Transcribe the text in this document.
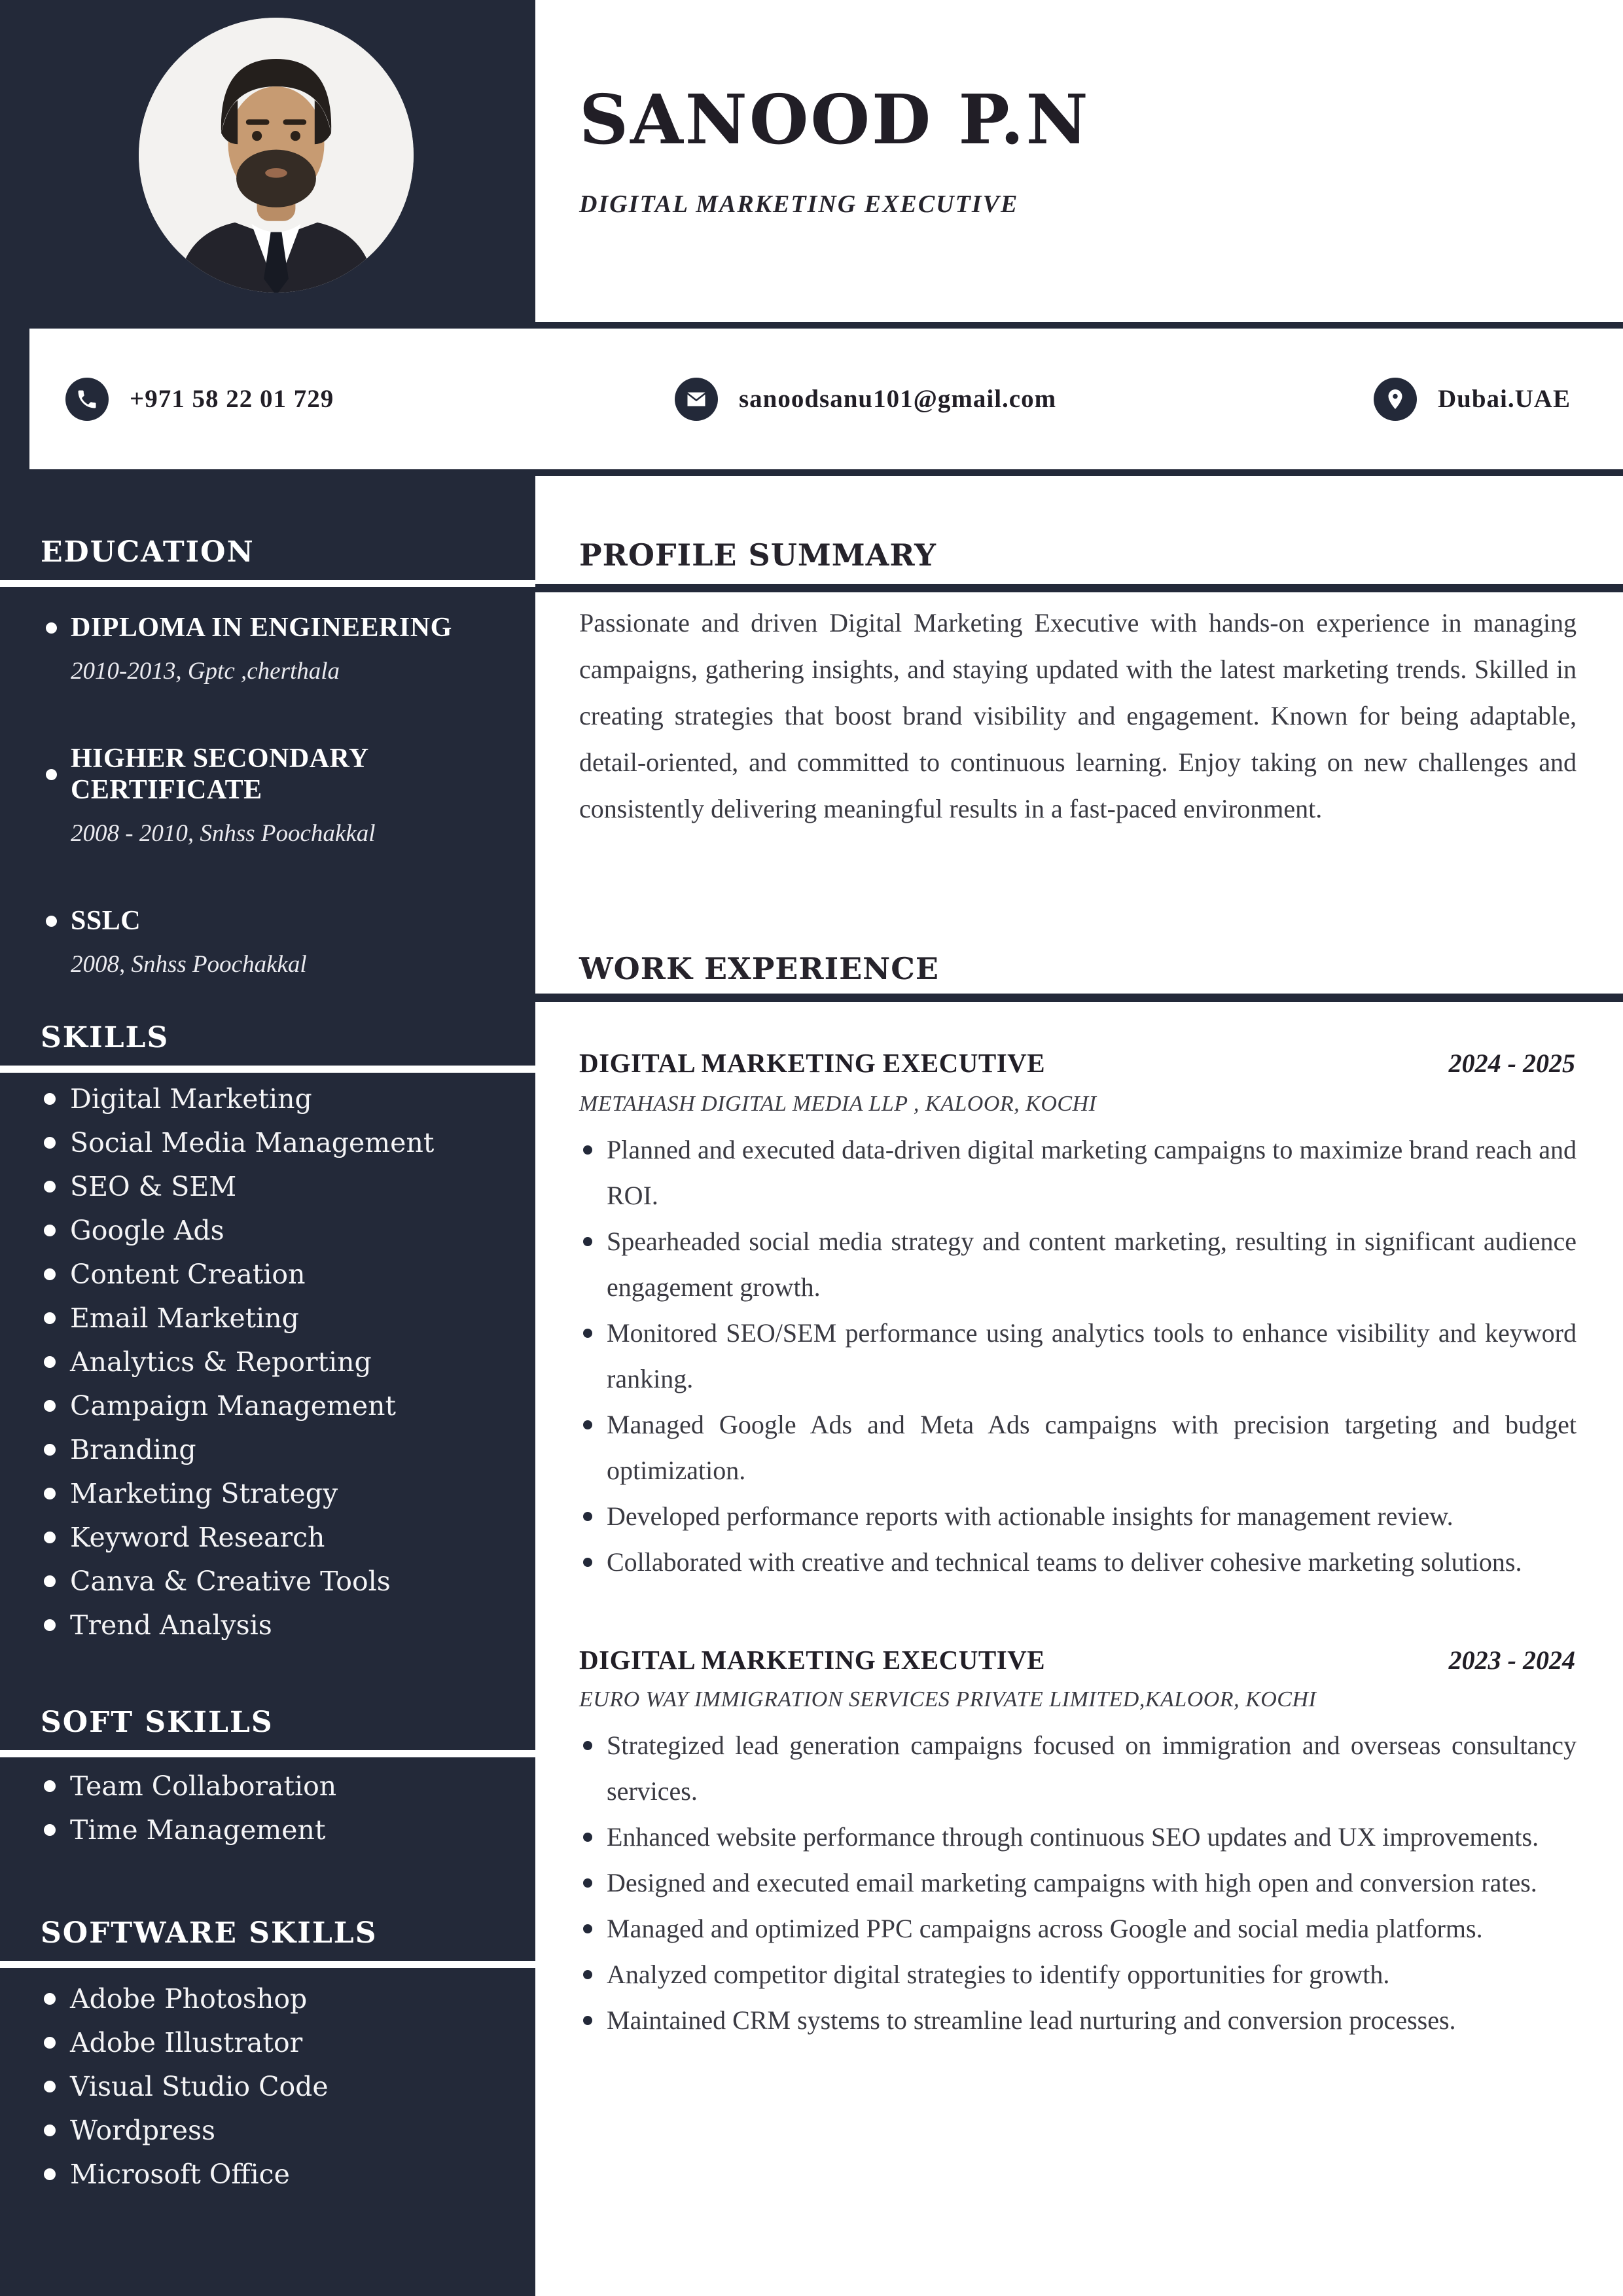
EDUCATION
DIPLOMA IN ENGINEERING
2010-2013, Gptc ,cherthala
HIGHER SECONDARY CERTIFICATE
2008 - 2010, Snhss Poochakkal
SSLC
2008, Snhss Poochakkal
SKILLS
Digital Marketing
Social Media Management
SEO & SEM
Google Ads
Content Creation
Email Marketing
Analytics & Reporting
Campaign Management
Branding
Marketing Strategy
Keyword Research
Canva & Creative Tools
Trend Analysis
SOFT SKILLS
Team Collaboration
Time Management
SOFTWARE SKILLS
Adobe Photoshop
Adobe Illustrator
Visual Studio Code
Wordpress
Microsoft Office
SANOOD P.N
DIGITAL MARKETING EXECUTIVE
+971 58 22 01 729	sanoodsanu101@gmail.com	Dubai.UAE
PROFILE SUMMARY
Passionate and driven Digital Marketing Executive with hands-on experience in managing campaigns, gathering insights, and staying updated with the latest marketing trends. Skilled in creating strategies that boost brand visibility and engagement. Known for being adaptable, detail-oriented, and committed to continuous learning. Enjoy taking on new challenges and consistently delivering meaningful results in a fast-paced environment.
WORK EXPERIENCE
DIGITAL MARKETING EXECUTIVE	2024 - 2025
METAHASH DIGITAL MEDIA LLP , KALOOR, KOCHI
Planned and executed data-driven digital marketing campaigns to maximize brand reach and ROI.
Spearheaded social media strategy and content marketing, resulting in significant audience engagement growth.
Monitored SEO/SEM performance using analytics tools to enhance visibility and keyword ranking.
Managed Google Ads and Meta Ads campaigns with precision targeting and budget optimization.
Developed performance reports with actionable insights for management review.
Collaborated with creative and technical teams to deliver cohesive marketing solutions.
DIGITAL MARKETING EXECUTIVE	2023 - 2024
EURO WAY IMMIGRATION SERVICES PRIVATE LIMITED,KALOOR, KOCHI
Strategized lead generation campaigns focused on immigration and overseas consultancy services.
Enhanced website performance through continuous SEO updates and UX improvements.
Designed and executed email marketing campaigns with high open and conversion rates.
Managed and optimized PPC campaigns across Google and social media platforms.
Analyzed competitor digital strategies to identify opportunities for growth.
Maintained CRM systems to streamline lead nurturing and conversion processes.
